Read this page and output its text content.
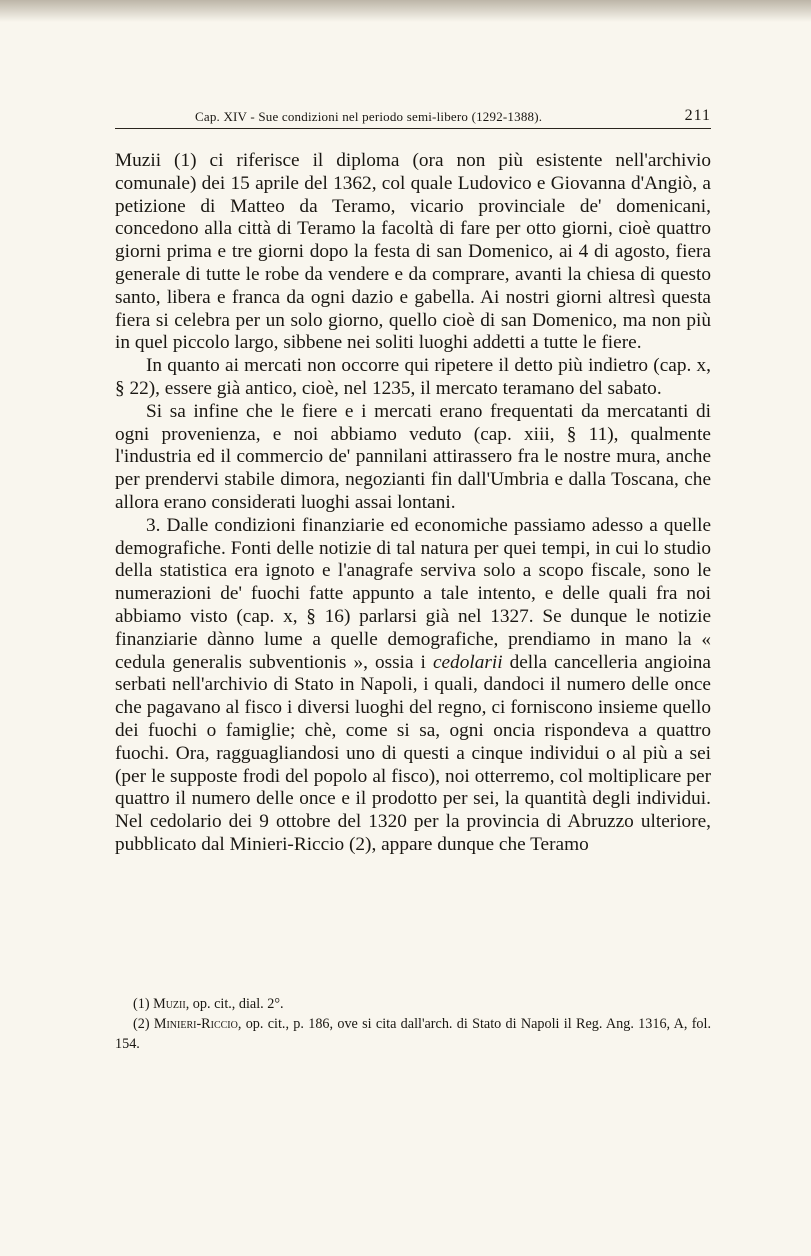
Cap. XIV - Sue condizioni nel periodo semi-libero (1292-1388).	211

Muzii (1) ci riferisce il diploma (ora non più esistente nell'archivio comunale) dei 15 aprile del 1362, col quale Ludovico e Giovanna d'Angiò, a petizione di Matteo da Teramo, vicario provinciale de' domenicani, concedono alla città di Teramo la facoltà di fare per otto giorni, cioè quattro giorni prima e tre giorni dopo la festa di san Domenico, ai 4 di agosto, fiera generale di tutte le robe da vendere e da comprare, avanti la chiesa di questo santo, libera e franca da ogni dazio e gabella. Ai nostri giorni altresì questa fiera si celebra per un solo giorno, quello cioè di san Domenico, ma non più in quel piccolo largo, sibbene nei soliti luoghi addetti a tutte le fiere.

In quanto ai mercati non occorre qui ripetere il detto più indietro (cap. x, § 22), essere già antico, cioè, nel 1235, il mercato teramano del sabato.

Si sa infine che le fiere e i mercati erano frequentati da mercatanti di ogni provenienza, e noi abbiamo veduto (cap. xiii, § 11), qualmente l'industria ed il commercio de' pannilani attirassero fra le nostre mura, anche per prendervi stabile dimora, negozianti fin dall'Umbria e dalla Toscana, che allora erano considerati luoghi assai lontani.

3. Dalle condizioni finanziarie ed economiche passiamo adesso a quelle demografiche. Fonti delle notizie di tal natura per quei tempi, in cui lo studio della statistica era ignoto e l'anagrafe serviva solo a scopo fiscale, sono le numerazioni de' fuochi fatte appunto a tale intento, e delle quali fra noi abbiamo visto (cap. x, § 16) parlarsi già nel 1327. Se dunque le notizie finanziarie dànno lume a quelle demografiche, prendiamo in mano la « cedula generalis subventionis », ossia i cedolarii della cancelleria angioina serbati nell'archivio di Stato in Napoli, i quali, dandoci il numero delle once che pagavano al fisco i diversi luoghi del regno, ci forniscono insieme quello dei fuochi o famiglie; chè, come si sa, ogni oncia rispondeva a quattro fuochi. Ora, ragguagliandosi uno di questi a cinque individui o al più a sei (per le supposte frodi del popolo al fisco), noi otterremo, col moltiplicare per quattro il numero delle once e il prodotto per sei, la quantità degli individui. Nel cedolario dei 9 ottobre del 1320 per la provincia di Abruzzo ulteriore, pubblicato dal Minieri-Riccio (2), appare dunque che Teramo

(1) Muzii, op. cit., dial. 2°.

(2) Minieri-Riccio, op. cit., p. 186, ove si cita dall'arch. di Stato di Napoli il Reg. Ang. 1316, A, fol. 154.
